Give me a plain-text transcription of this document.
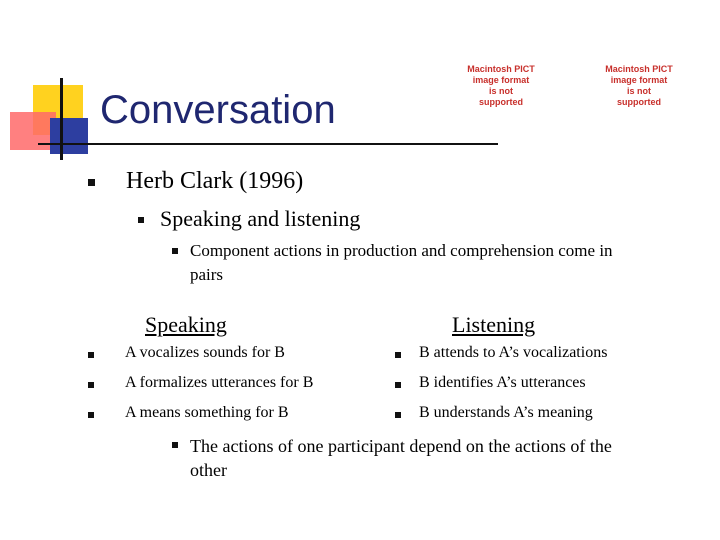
Macintosh PICT
image format
is not supported
Macintosh PICT
image format
is not supported
Conversation
Herb Clark (1996)
Speaking and listening
Component actions in production and comprehension come in pairs
Speaking	Listening
A vocalizes sounds for B
A formalizes utterances for B
A means something for B
B attends to A’s vocalizations
B identifies A’s utterances
B understands A’s meaning
The actions of one participant depend on the actions of the other
